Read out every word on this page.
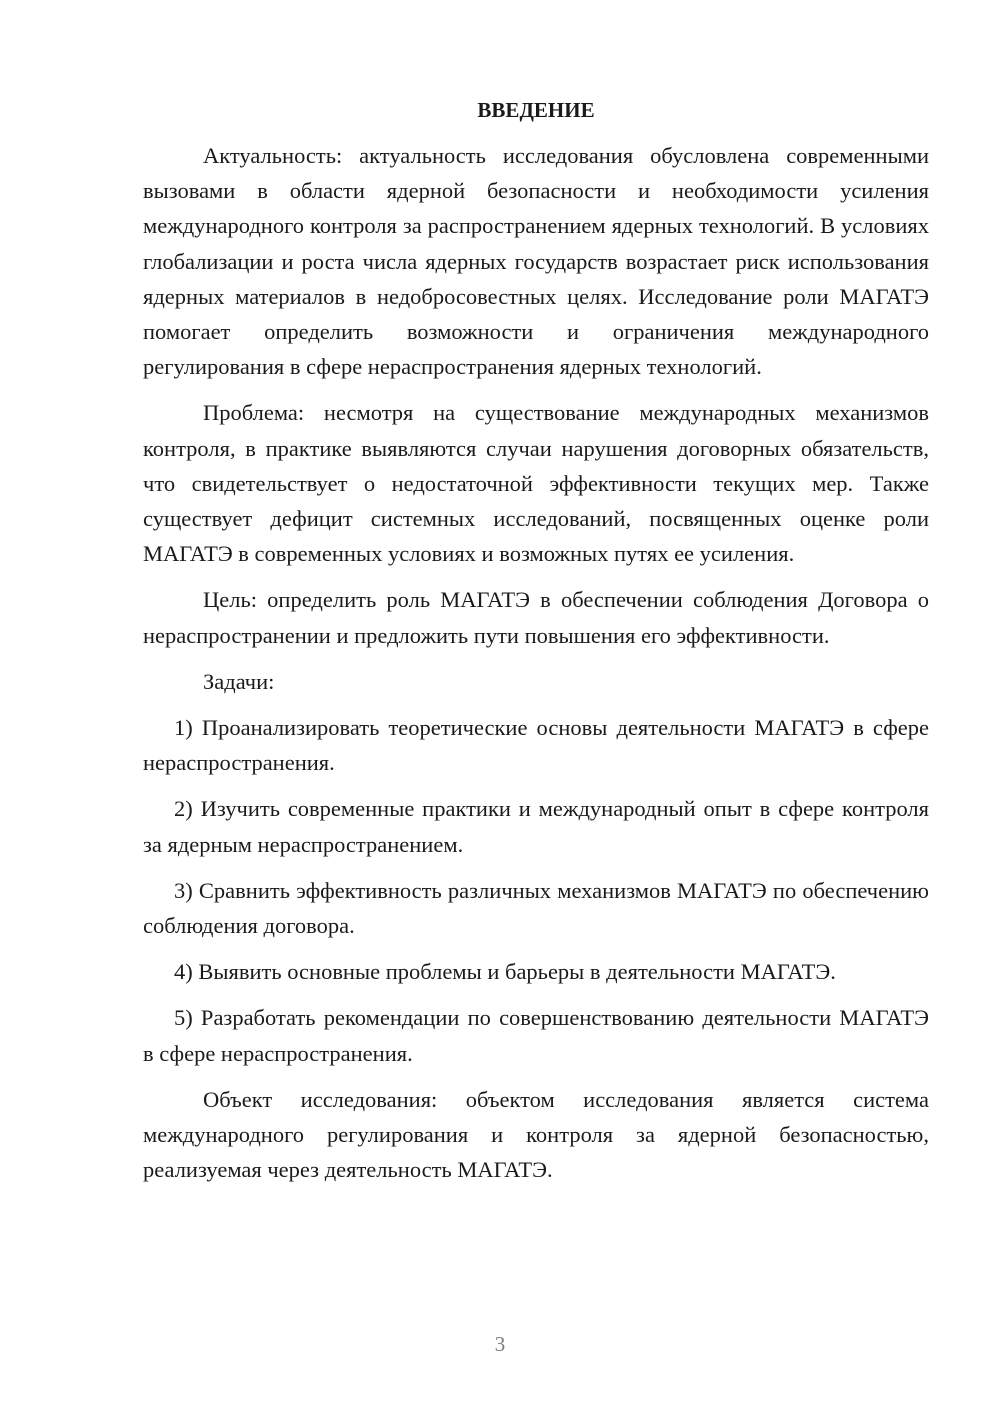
ВВЕДЕНИЕ

Актуальность: актуальность исследования обусловлена современными вызовами в области ядерной безопасности и необходимости усиления международного контроля за распространением ядерных технологий. В условиях глобализации и роста числа ядерных государств возрастает риск использования ядерных материалов в недобросовестных целях. Исследование роли МАГАТЭ помогает определить возможности и ограничения международного регулирования в сфере нераспространения ядерных технологий.

Проблема: несмотря на существование международных механизмов контроля, в практике выявляются случаи нарушения договорных обязательств, что свидетельствует о недостаточной эффективности текущих мер. Также существует дефицит системных исследований, посвященных оценке роли МАГАТЭ в современных условиях и возможных путях ее усиления.

Цель: определить роль МАГАТЭ в обеспечении соблюдения Договора о нераспространении и предложить пути повышения его эффективности.

Задачи:

1) Проанализировать теоретические основы деятельности МАГАТЭ в сфере нераспространения.

2) Изучить современные практики и международный опыт в сфере контроля за ядерным нераспространением.

3) Сравнить эффективность различных механизмов МАГАТЭ по обеспечению соблюдения договора.

4) Выявить основные проблемы и барьеры в деятельности МАГАТЭ.

5) Разработать рекомендации по совершенствованию деятельности МАГАТЭ в сфере нераспространения.

Объект исследования: объектом исследования является система международного регулирования и контроля за ядерной безопасностью, реализуемая через деятельность МАГАТЭ.

3
